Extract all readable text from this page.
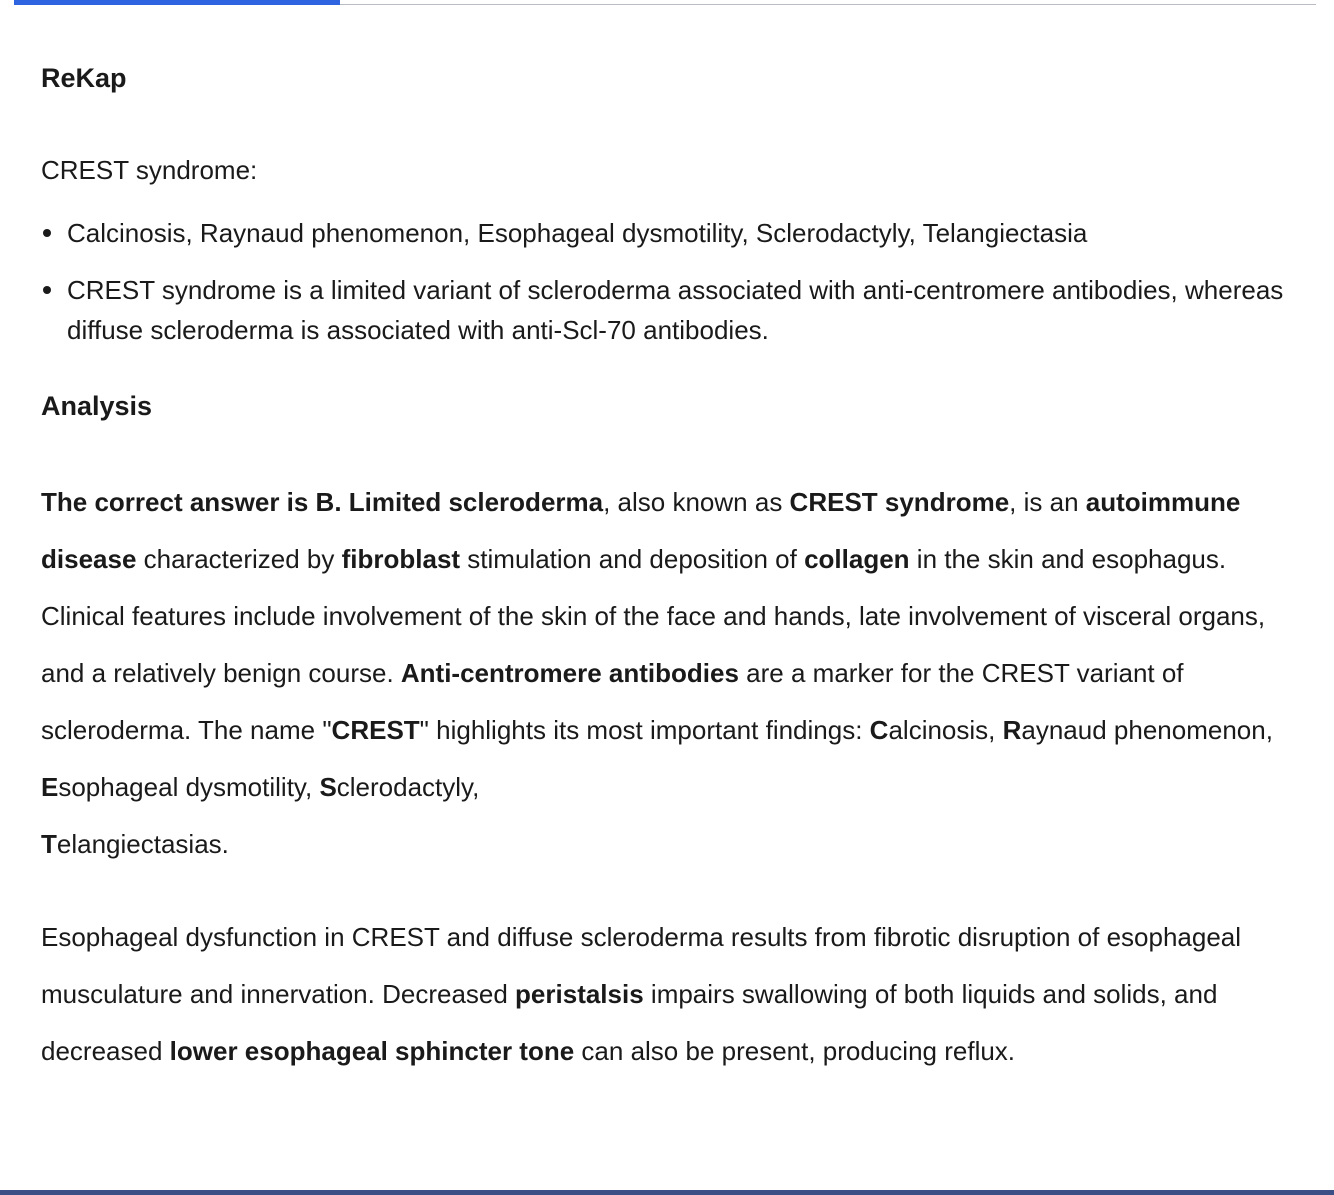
ReKap

CREST syndrome:

Calcinosis, Raynaud phenomenon, Esophageal dysmotility, Sclerodactyly, Telangiectasia
CREST syndrome is a limited variant of scleroderma associated with anti-centromere antibodies, whereas diffuse scleroderma is associated with anti-Scl-70 antibodies.
Analysis

The correct answer is B. Limited scleroderma, also known as CREST syndrome, is an autoimmune disease characterized by fibroblast stimulation and deposition of collagen in the skin and esophagus. Clinical features include involvement of the skin of the face and hands, late involvement of visceral organs, and a relatively benign course. Anti-centromere antibodies are a marker for the CREST variant of scleroderma. The name "CREST" highlights its most important findings: Calcinosis, Raynaud phenomenon, Esophageal dysmotility, Sclerodactyly,
Telangiectasias.

Esophageal dysfunction in CREST and diffuse scleroderma results from fibrotic disruption of esophageal musculature and innervation. Decreased peristalsis impairs swallowing of both liquids and solids, and decreased lower esophageal sphincter tone can also be present, producing reflux.
